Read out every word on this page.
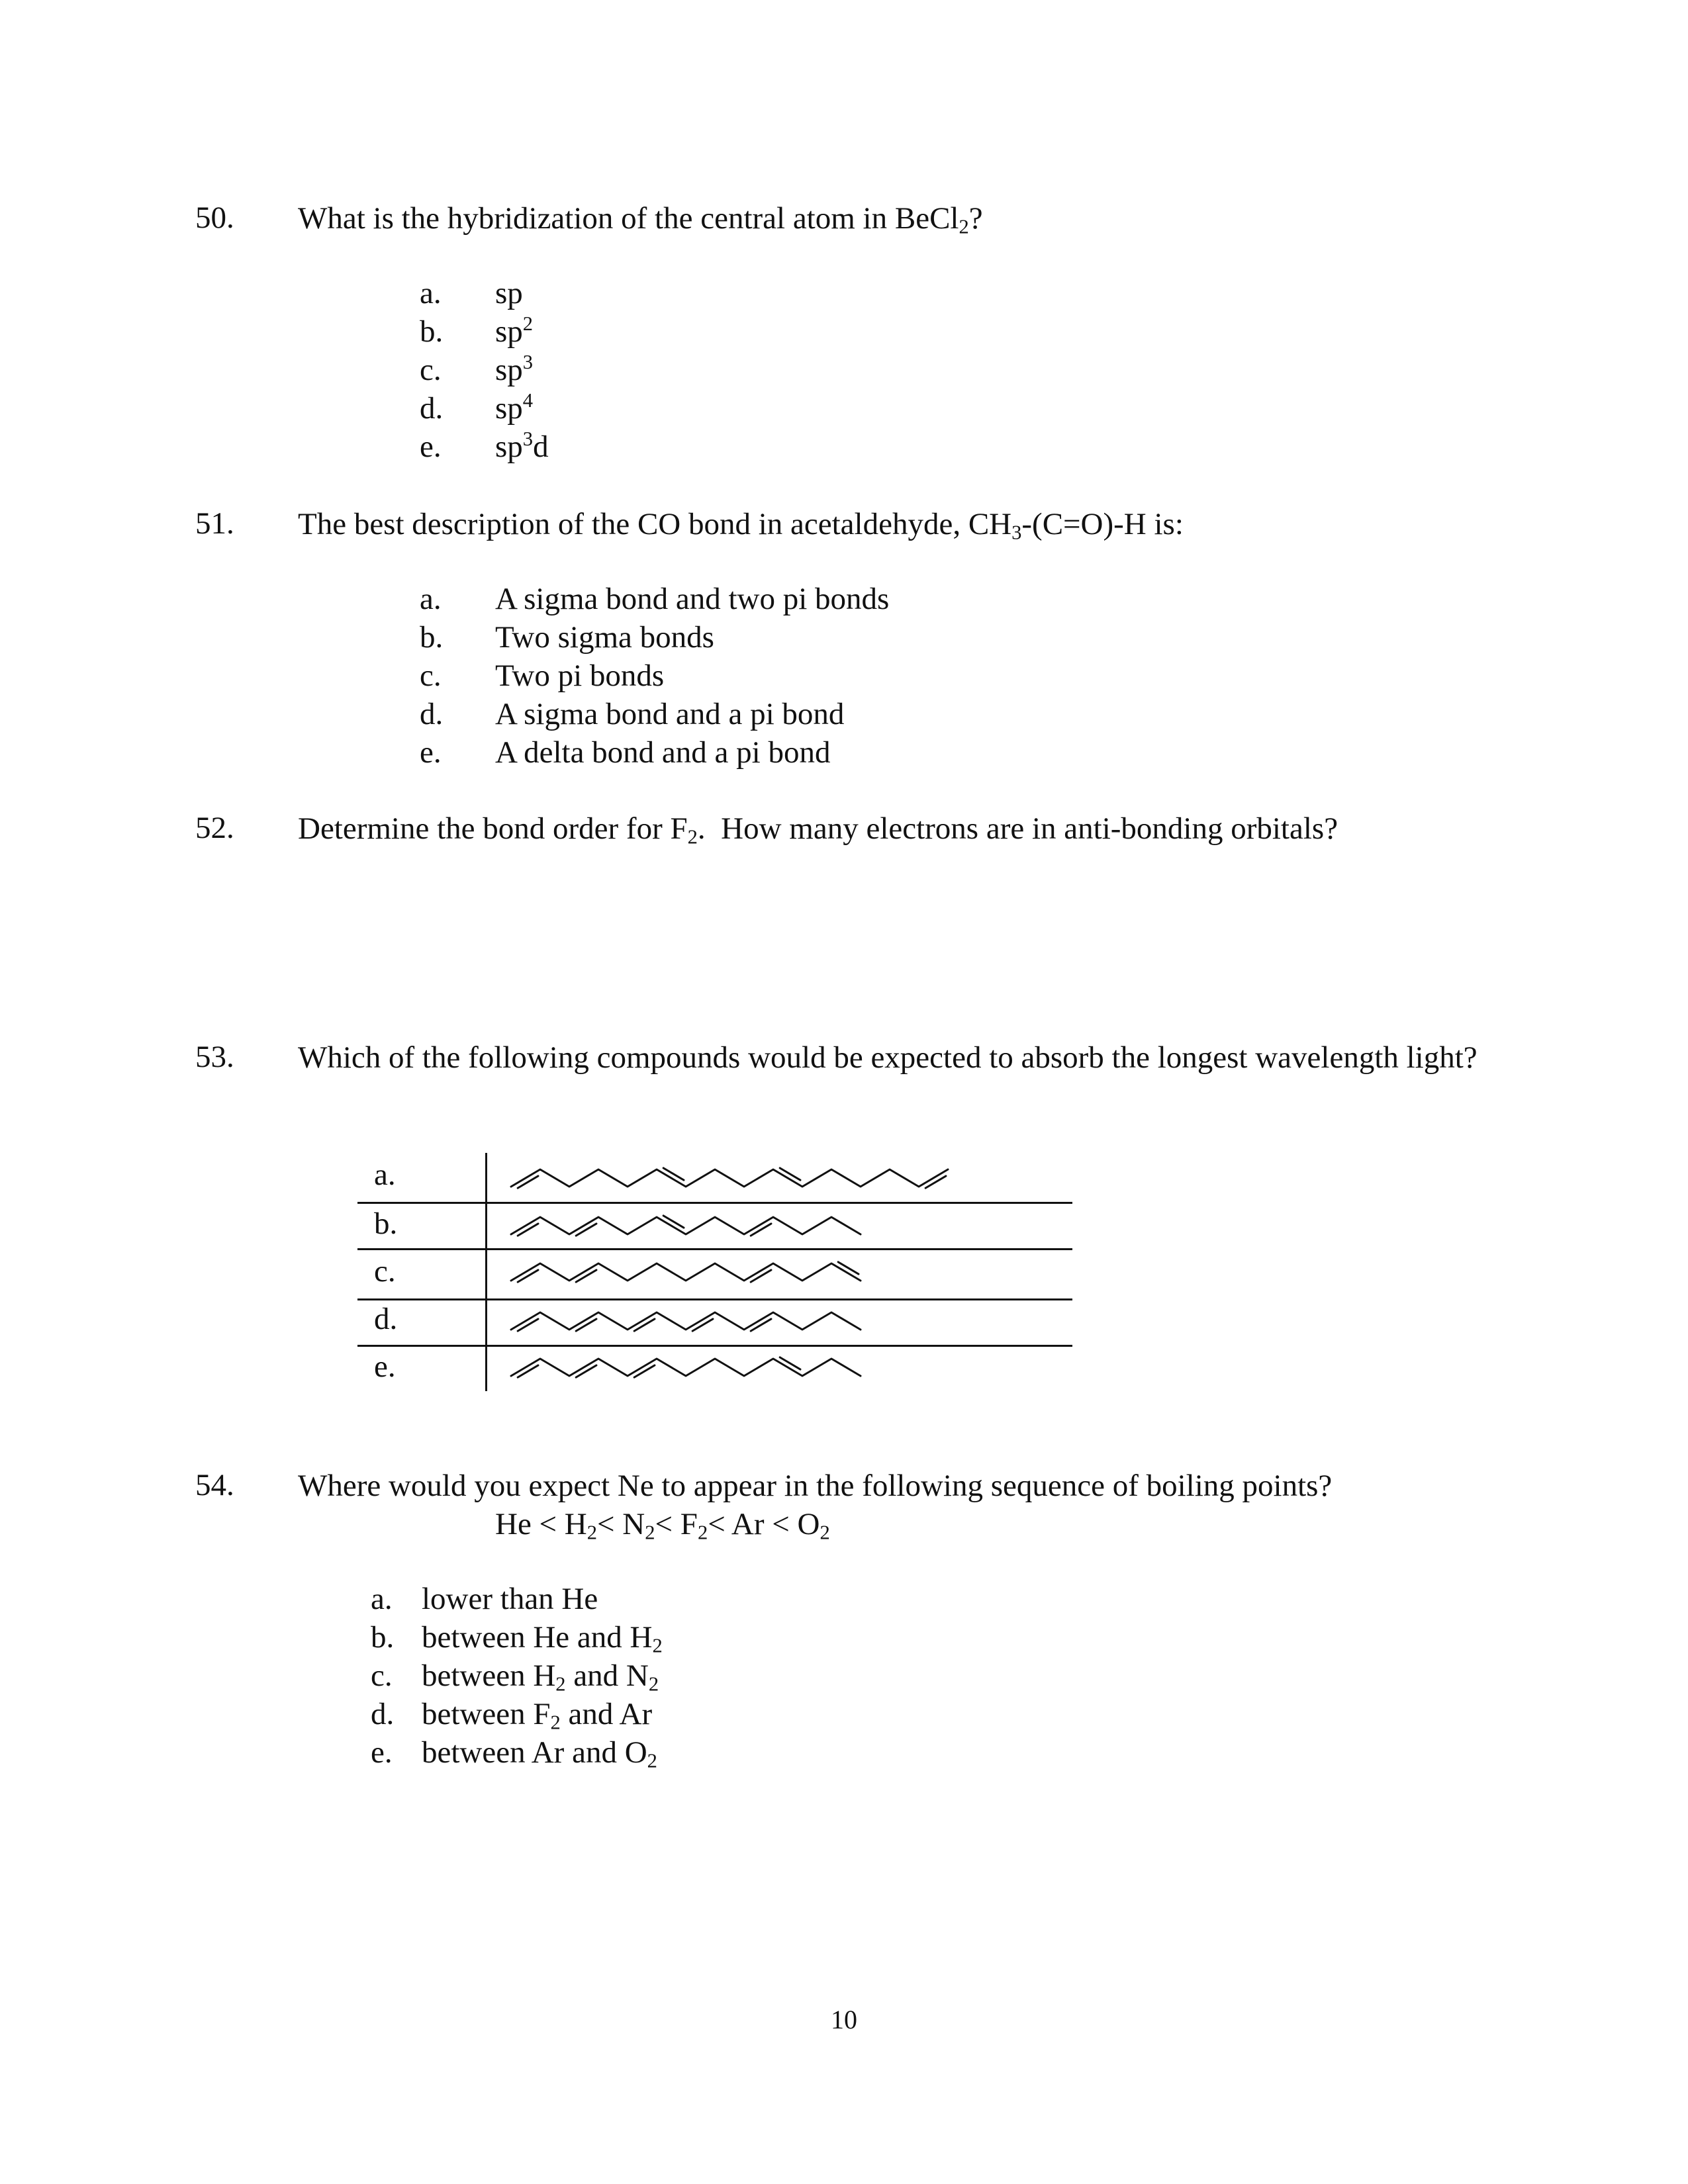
50. What is the hybridization of the central atom in BeCl$_2$?
a. sp
b. $sp^2$
c. $sp^3$
d. $sp^4$
e. $sp^3d$
51. The best description of the CO bond in acetaldehyde, $CH_3-(C=O)-H$ is:
a. A sigma bond and two pi bonds
b. Two sigma bonds
c. Two pi bonds
d. A sigma bond and a pi bond
e. A delta bond and a pi bond
52. Determine the bond order for $F_2$.  How many electrons are in anti-bonding orbitals?
53. Which of the following compounds would be expected to absorb the longest wavelength light?
a.
b.
c.
d.
e.
54. Where would you expect Ne to appear in the following sequence of boiling points?
$He < H_2< N_2< F_2< Ar < O_2$
a. lower than He
b. between He and $H_2$
c. between $H_2$ and $N_2$
d. between $F_2$ and Ar
e. between Ar and $O_2$
10
